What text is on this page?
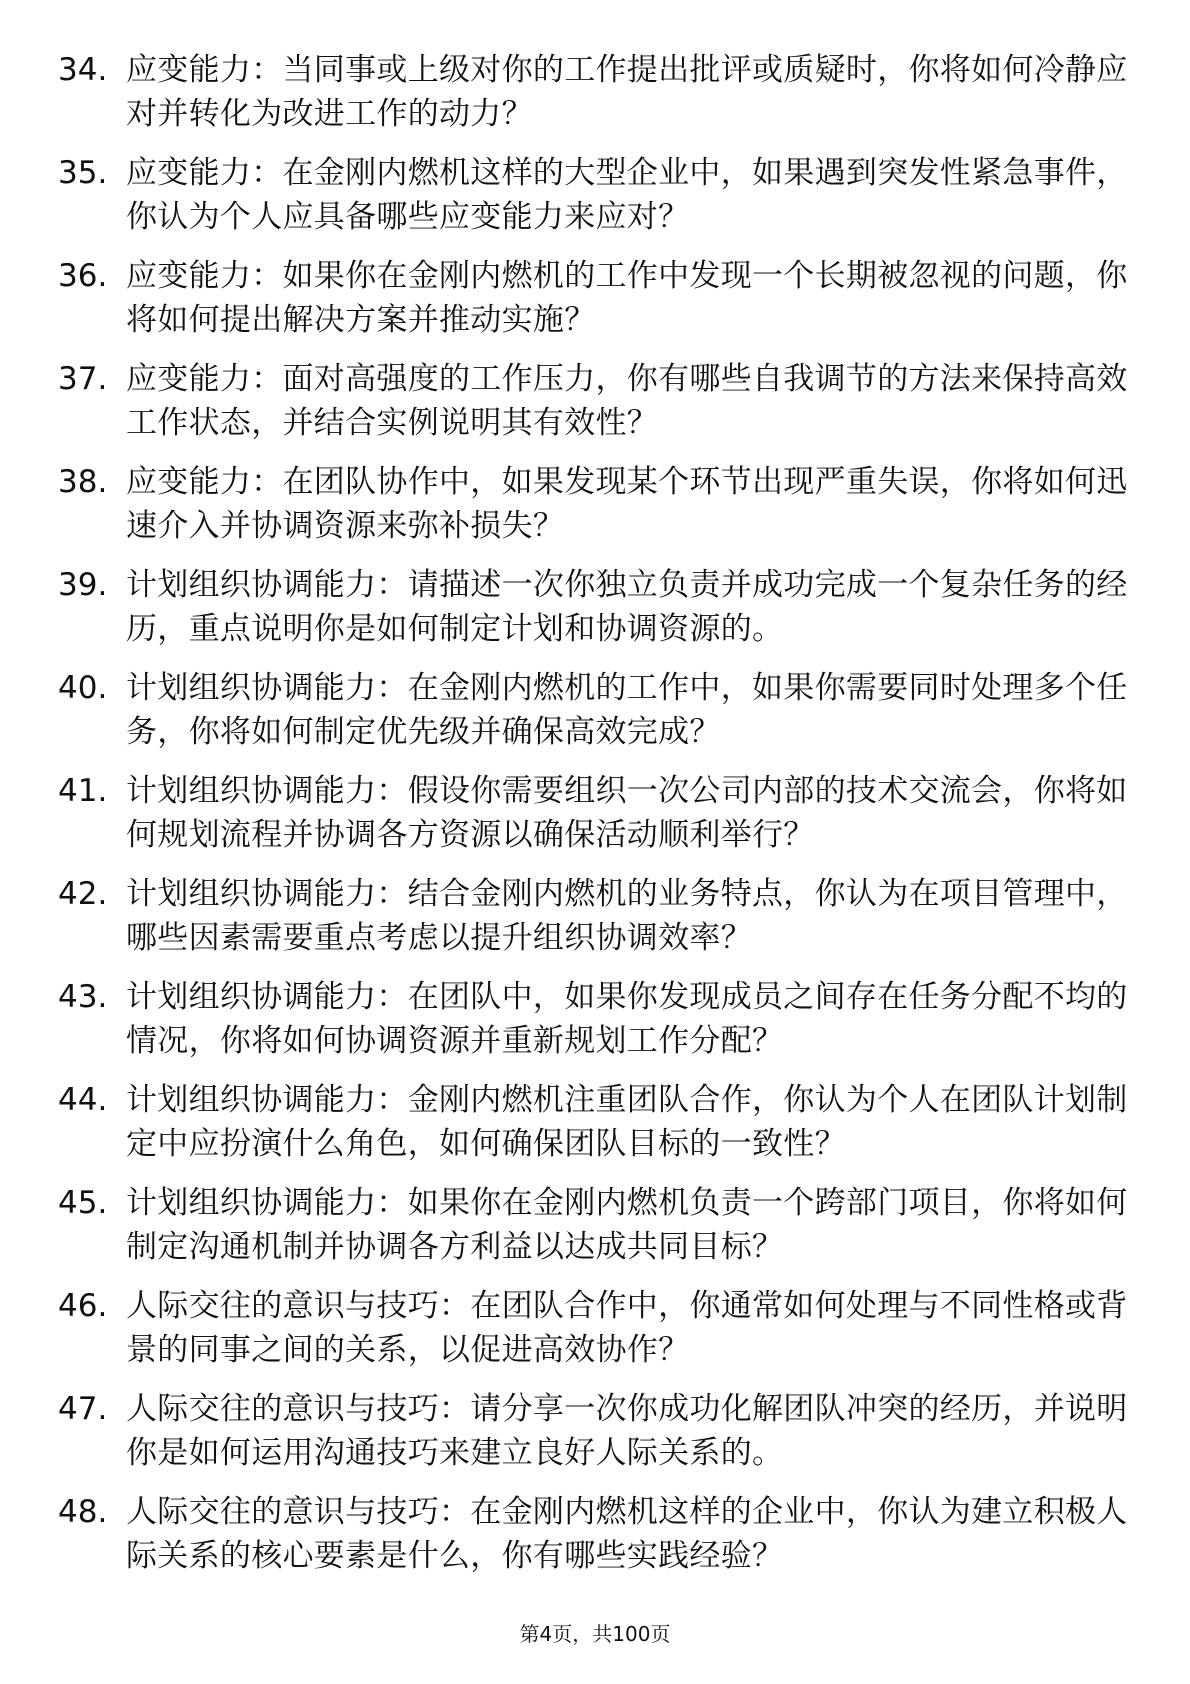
34. 应变能力：当同事或上级对你的工作提出批评或质疑时，你将如何冷静应对并转化为改进工作的动力？
35. 应变能力：在金刚内燃机这样的大型企业中，如果遇到突发性紧急事件，你认为个人应具备哪些应变能力来应对？
36. 应变能力：如果你在金刚内燃机的工作中发现一个长期被忽视的问题，你将如何提出解决方案并推动实施？
37. 应变能力：面对高强度的工作压力，你有哪些自我调节的方法来保持高效工作状态，并结合实例说明其有效性？
38. 应变能力：在团队协作中，如果发现某个环节出现严重失误，你将如何迅速介入并协调资源来弥补损失？
39. 计划组织协调能力：请描述一次你独立负责并成功完成一个复杂任务的经历，重点说明你是如何制定计划和协调资源的。
40. 计划组织协调能力：在金刚内燃机的工作中，如果你需要同时处理多个任务，你将如何制定优先级并确保高效完成？
41. 计划组织协调能力：假设你需要组织一次公司内部的技术交流会，你将如何规划流程并协调各方资源以确保活动顺利举行？
42. 计划组织协调能力：结合金刚内燃机的业务特点，你认为在项目管理中，哪些因素需要重点考虑以提升组织协调效率？
43. 计划组织协调能力：在团队中，如果你发现成员之间存在任务分配不均的情况，你将如何协调资源并重新规划工作分配？
44. 计划组织协调能力：金刚内燃机注重团队合作，你认为个人在团队计划制定中应扮演什么角色，如何确保团队目标的一致性？
45. 计划组织协调能力：如果你在金刚内燃机负责一个跨部门项目，你将如何制定沟通机制并协调各方利益以达成共同目标？
46. 人际交往的意识与技巧：在团队合作中，你通常如何处理与不同性格或背景的同事之间的关系，以促进高效协作？
47. 人际交往的意识与技巧：请分享一次你成功化解团队冲突的经历，并说明你是如何运用沟通技巧来建立良好人际关系的。
48. 人际交往的意识与技巧：在金刚内燃机这样的企业中，你认为建立积极人际关系的核心要素是什么，你有哪些实践经验？
第4页，共100页
